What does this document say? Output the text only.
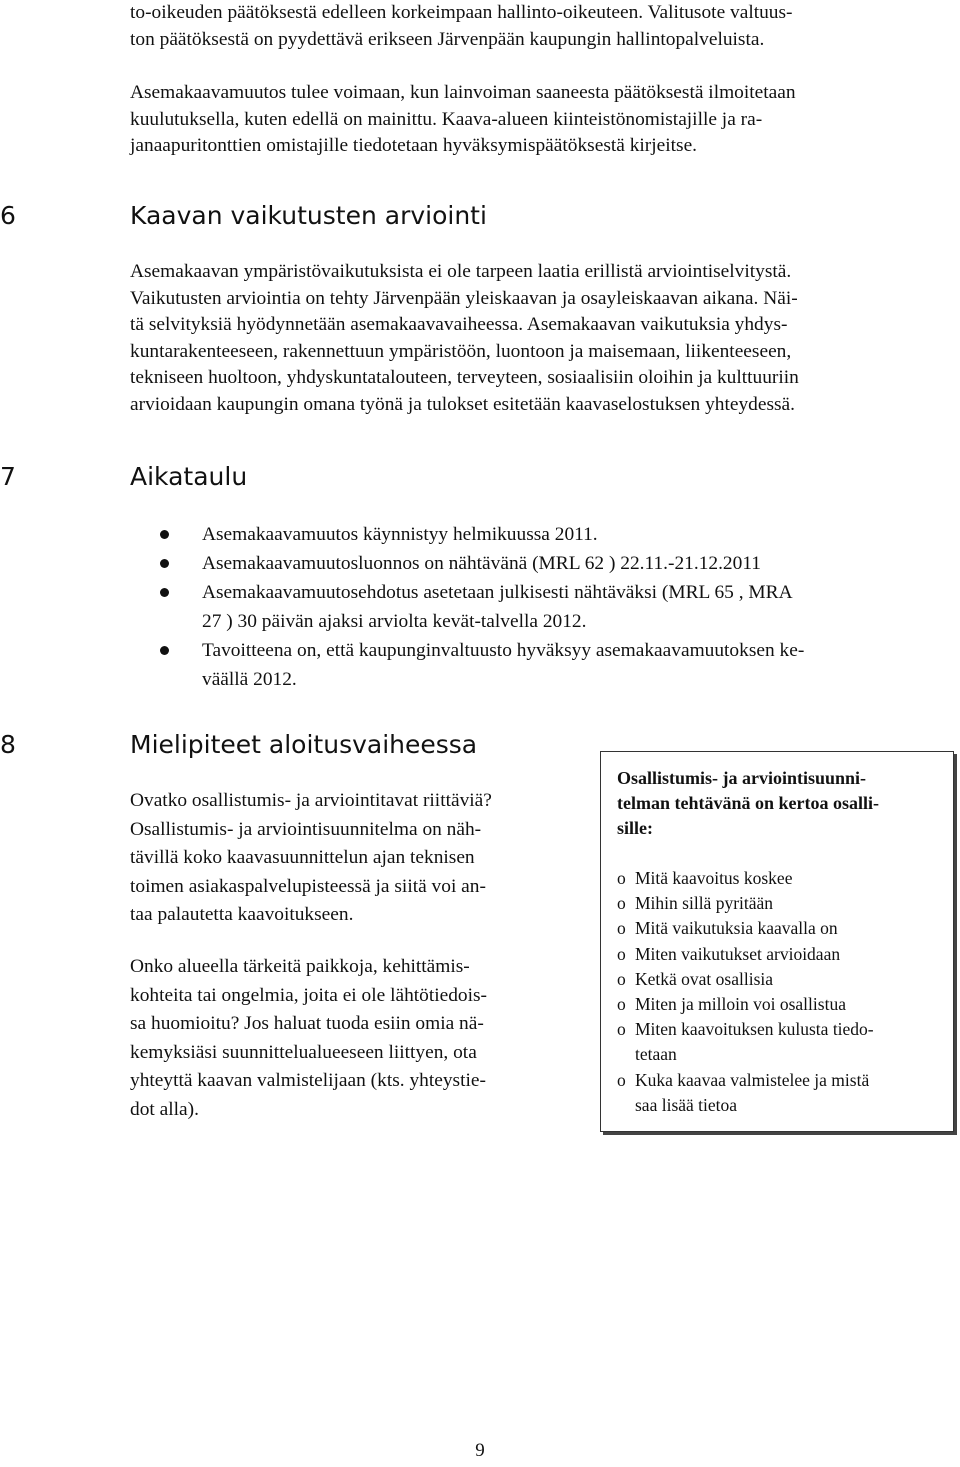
to-oikeuden päätöksestä edelleen korkeimpaan hallinto-oikeuteen. Valitusote valtuus-
ton päätöksestä on pyydettävä erikseen Järvenpään kaupungin hallintopalveluista.

Asemakaavamuutos tulee voimaan, kun lainvoiman saaneesta päätöksestä ilmoitetaan
kuulutuksella, kuten edellä on mainittu. Kaava-alueen kiinteistönomistajille ja ra-
janaapuritonttien omistajille tiedotetaan hyväksymispäätöksestä kirjeitse.

6	Kaavan vaikutusten arviointi

Asemakaavan ympäristövaikutuksista ei ole tarpeen laatia erillistä arviointiselvitystä.
Vaikutusten arviointia on tehty Järvenpään yleiskaavan ja osayleiskaavan aikana. Näi-
tä selvityksiä hyödynnetään asemakaavavaiheessa. Asemakaavan vaikutuksia yhdys-
kuntarakenteeseen, rakennettuun ympäristöön, luontoon ja maisemaan, liikenteeseen,
tekniseen huoltoon, yhdyskuntatalouteen, terveyteen, sosiaalisiin oloihin ja kulttuuriin
arvioidaan kaupungin omana työnä ja tulokset esitetään kaavaselostuksen yhteydessä.

7	Aikataulu
Asemakaavamuutos käynnistyy helmikuussa 2011.
Asemakaavamuutosluonnos on nähtävänä (MRL 62 ) 22.11.-21.12.2011
Asemakaavamuutosehdotus asetetaan julkisesti nähtäväksi (MRL 65 , MRA
27 ) 30 päivän ajaksi arviolta kevät-talvella 2012.
Tavoitteena on, että kaupunginvaltuusto hyväksyy asemakaavamuutoksen ke-
väällä 2012.
8	Mielipiteet aloitusvaiheessa

Ovatko osallistumis- ja arviointitavat riittäviä?
Osallistumis- ja arviointisuunnitelma on näh-
tävillä koko kaavasuunnittelun ajan teknisen
toimen asiakaspalvelupisteessä ja siitä voi an-
taa palautetta kaavoitukseen.

Onko alueella tärkeitä paikkoja, kehittämis-
kohteita tai ongelmia, joita ei ole lähtötiedois-
sa huomioitu? Jos haluat tuoda esiin omia nä-
kemyksiäsi suunnittelualueeseen liittyen, ota
yhteyttä kaavan valmistelijaan (kts. yhteystie-
dot alla).

Osallistumis- ja arviointisuunni-
telman tehtävänä on kertoa osalli-
sille:
o Mitä kaavoitus koskee
o Mihin sillä pyritään
o Mitä vaikutuksia kaavalla on
o Miten vaikutukset arvioidaan
o Ketkä ovat osallisia
o Miten ja milloin voi osallistua
o Miten kaavoituksen kulusta tiedo-
tetaan
o Kuka kaavaa valmistelee ja mistä
saa lisää tietoa
9
